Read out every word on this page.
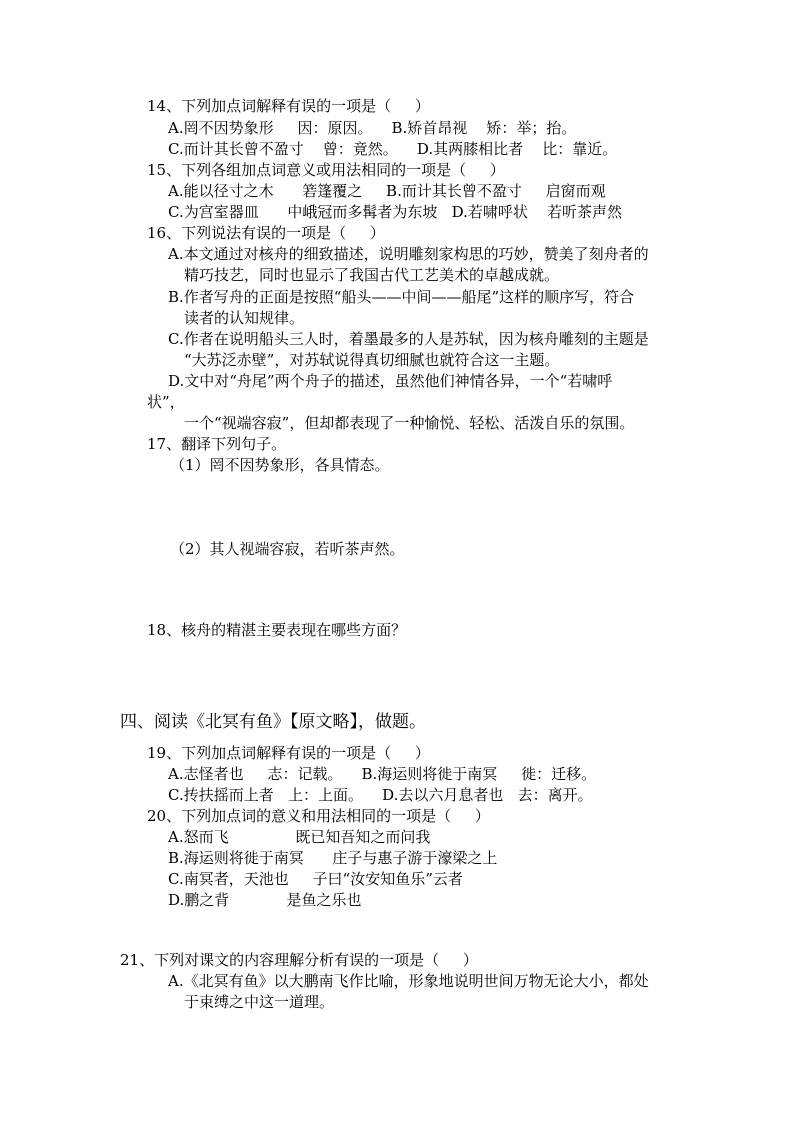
14、下列加点词解释有误的一项是（     ）
A.罔不因势象形     因：原因。    B.矫首昂视    矫：举；抬。
C.而计其长曾不盈寸    曾：竟然。    D.其两膝相比者    比：靠近。
15、下列各组加点词意义或用法相同的一项是（     ）
A.能以径寸之木      箬篷覆之     B.而计其长曾不盈寸     启窗而观
C.为宫室器皿      中峨冠而多髯者为东坡   D.若啸呼状    若听茶声然
16、下列说法有误的一项是（     ）
A.本文通过对核舟的细致描述，说明雕刻家构思的巧妙，赞美了刻舟者的
精巧技艺，同时也显示了我国古代工艺美术的卓越成就。
B.作者写舟的正面是按照“船头——中间——船尾”这样的顺序写，符合
读者的认知规律。
C.作者在说明船头三人时，着墨最多的人是苏轼，因为核舟雕刻的主题是
“大苏泛赤壁”，对苏轼说得真切细腻也就符合这一主题。
D.文中对“舟尾”两个舟子的描述，虽然他们神情各异，一个“若啸呼
状”，
一个“视端容寂”，但却都表现了一种愉悦、轻松、活泼自乐的氛围。
17、翻译下列句子。
（1）罔不因势象形，各具情态。
（2）其人视端容寂，若听茶声然。
18、核舟的精湛主要表现在哪些方面？
四、阅读《北冥有鱼》【原文略】，做题。
19、下列加点词解释有误的一项是（     ）
A.志怪者也     志：记载。    B.海运则将徙于南冥     徙：迁移。
C.抟扶摇而上者   上：上面。    D.去以六月息者也   去：离开。
20、下列加点词的意义和用法相同的一项是（     ）
A.怒而飞              既已知吾知之而问我
B.海运则将徙于南冥      庄子与惠子游于濠梁之上
C.南冥者，天池也     子曰“汝安知鱼乐”云者
D.鹏之背            是鱼之乐也
21、下列对课文的内容理解分析有误的一项是（     ）
A.《北冥有鱼》以大鹏南飞作比喻，形象地说明世间万物无论大小，都处
于束缚之中这一道理。
